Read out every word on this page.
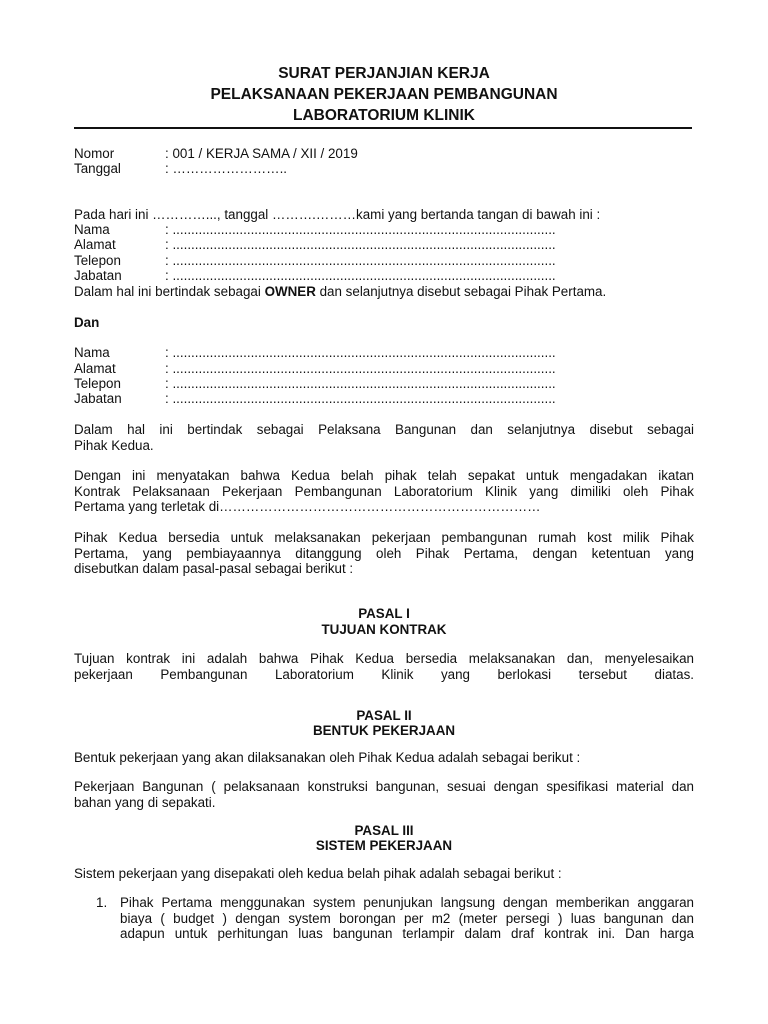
SURAT PERJANJIAN KERJA
PELAKSANAAN PEKERJAAN PEMBANGUNAN
LABORATORIUM KLINIK
Nomor	: 001 / KERJA SAMA / XII / 2019
Tanggal	: ……………………..
Pada hari ini …………..., tanggal ……….………kami yang bertanda tangan di bawah ini :
Nama	: .......................................................................................................
Alamat	: .......................................................................................................
Telepon	: .......................................................................................................
Jabatan	: .......................................................................................................
Dalam hal ini bertindak sebagai OWNER dan selanjutnya disebut sebagai Pihak Pertama.
Dan
Nama	: .......................................................................................................
Alamat	: .......................................................................................................
Telepon	: .......................................................................................................
Jabatan	: .......................................................................................................
Dalam hal ini bertindak sebagai Pelaksana Bangunan dan selanjutnya disebut sebagai
Pihak Kedua.
Dengan ini menyatakan bahwa Kedua belah pihak telah sepakat untuk mengadakan ikatan
Kontrak Pelaksanaan Pekerjaan Pembangunan Laboratorium Klinik yang dimiliki oleh Pihak
Pertama yang terletak di………………………………………………………………
Pihak Kedua bersedia untuk melaksanakan pekerjaan pembangunan rumah kost milik Pihak
Pertama, yang pembiayaannya ditanggung oleh Pihak Pertama, dengan ketentuan yang
disebutkan dalam pasal-pasal sebagai berikut :
PASAL I
TUJUAN KONTRAK
Tujuan kontrak ini adalah bahwa Pihak Kedua bersedia melaksanakan dan, menyelesaikan
pekerjaan Pembangunan Laboratorium Klinik yang berlokasi tersebut diatas.
PASAL II
BENTUK PEKERJAAN
Bentuk pekerjaan yang akan dilaksanakan oleh Pihak Kedua adalah sebagai berikut :
Pekerjaan Bangunan ( pelaksanaan konstruksi bangunan, sesuai dengan spesifikasi material dan
bahan yang di sepakati.
PASAL III
SISTEM PEKERJAAN
Sistem pekerjaan yang disepakati oleh kedua belah pihak adalah sebagai berikut :
1. Pihak Pertama menggunakan system penunjukan langsung dengan memberikan anggaran
biaya ( budget ) dengan system borongan per m2 (meter persegi ) luas bangunan dan
adapun untuk perhitungan luas bangunan terlampir dalam draf kontrak ini. Dan harga
